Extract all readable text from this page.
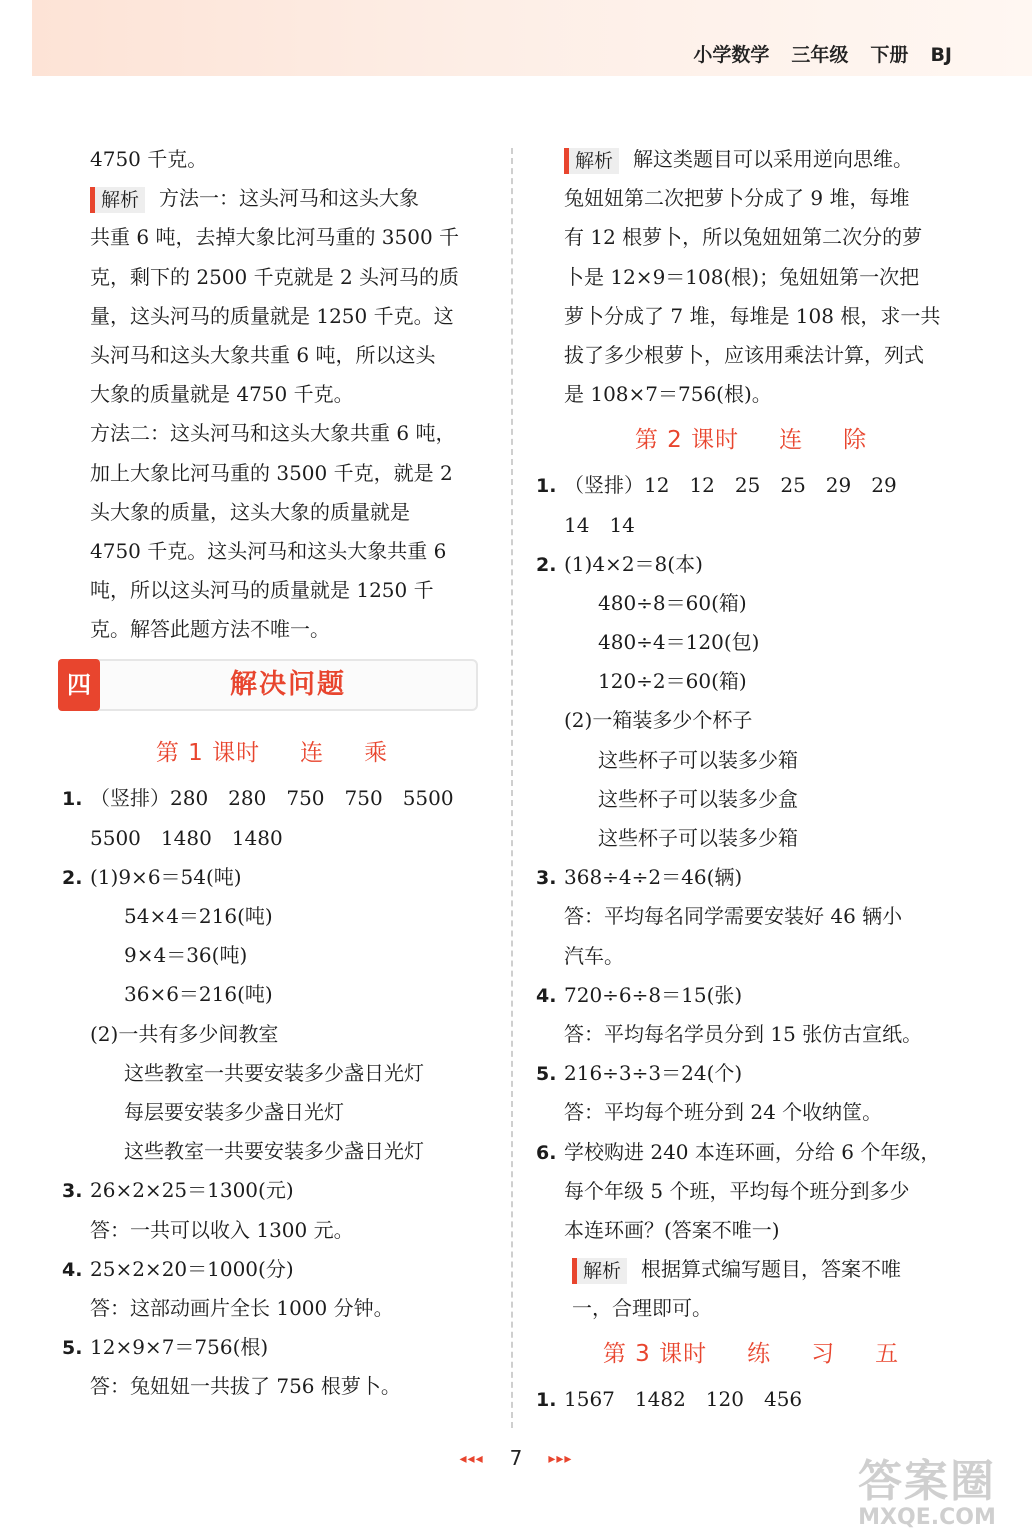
小学数学 三年级 下册 BJ
4750 千克。
解析 方法一：这头河马和这头大象
共重 6 吨，去掉大象比河马重的 3500 千
克，剩下的 2500 千克就是 2 头河马的质
量，这头河马的质量就是 1250 千克。这
头河马和这头大象共重 6 吨，所以这头
大象的质量就是 4750 千克。
方法二：这头河马和这头大象共重 6 吨，
加上大象比河马重的 3500 千克，就是 2
头大象的质量，这头大象的质量就是
4750 千克。这头河马和这头大象共重 6
吨，所以这头河马的质量就是 1250 千
克。解答此题方法不唯一。
四	解决问题
第 1 课时 连 乘
1. （竖排）280　280　750　750　5500
5500　1480　1480
2. (1)9×6＝54(吨)
54×4＝216(吨)
9×4＝36(吨)
36×6＝216(吨)
(2)一共有多少间教室
这些教室一共要安装多少盏日光灯
每层要安装多少盏日光灯
这些教室一共要安装多少盏日光灯
3. 26×2×25＝1300(元)
答：一共可以收入 1300 元。
4. 25×2×20＝1000(分)
答：这部动画片全长 1000 分钟。
5. 12×9×7＝756(根)
答：兔妞妞一共拔了 756 根萝卜。
解析 解这类题目可以采用逆向思维。
兔妞妞第二次把萝卜分成了 9 堆，每堆
有 12 根萝卜，所以兔妞妞第二次分的萝
卜是 12×9＝108(根)；兔妞妞第一次把
萝卜分成了 7 堆，每堆是 108 根，求一共
拔了多少根萝卜，应该用乘法计算，列式
是 108×7＝756(根)。
第 2 课时 连 除
1. （竖排）12　12　25　25　29　29
14　14
2. (1)4×2＝8(本)
480÷8＝60(箱)
480÷4＝120(包)
120÷2＝60(箱)
(2)一箱装多少个杯子
这些杯子可以装多少箱
这些杯子可以装多少盒
这些杯子可以装多少箱
3. 368÷4÷2＝46(辆)
答：平均每名同学需要安装好 46 辆小
汽车。
4. 720÷6÷8＝15(张)
答：平均每名学员分到 15 张仿古宣纸。
5. 216÷3÷3＝24(个)
答：平均每个班分到 24 个收纳筐。
6. 学校购进 240 本连环画，分给 6 个年级，
每个年级 5 个班，平均每个班分到多少
本连环画？(答案不唯一)
解析 根据算式编写题目，答案不唯
一，合理即可。
第 3 课时 练 习 五
1. 1567　1482　120　456
◂◂◂ 7 ▸▸▸	答案圈
MXQE.COM
